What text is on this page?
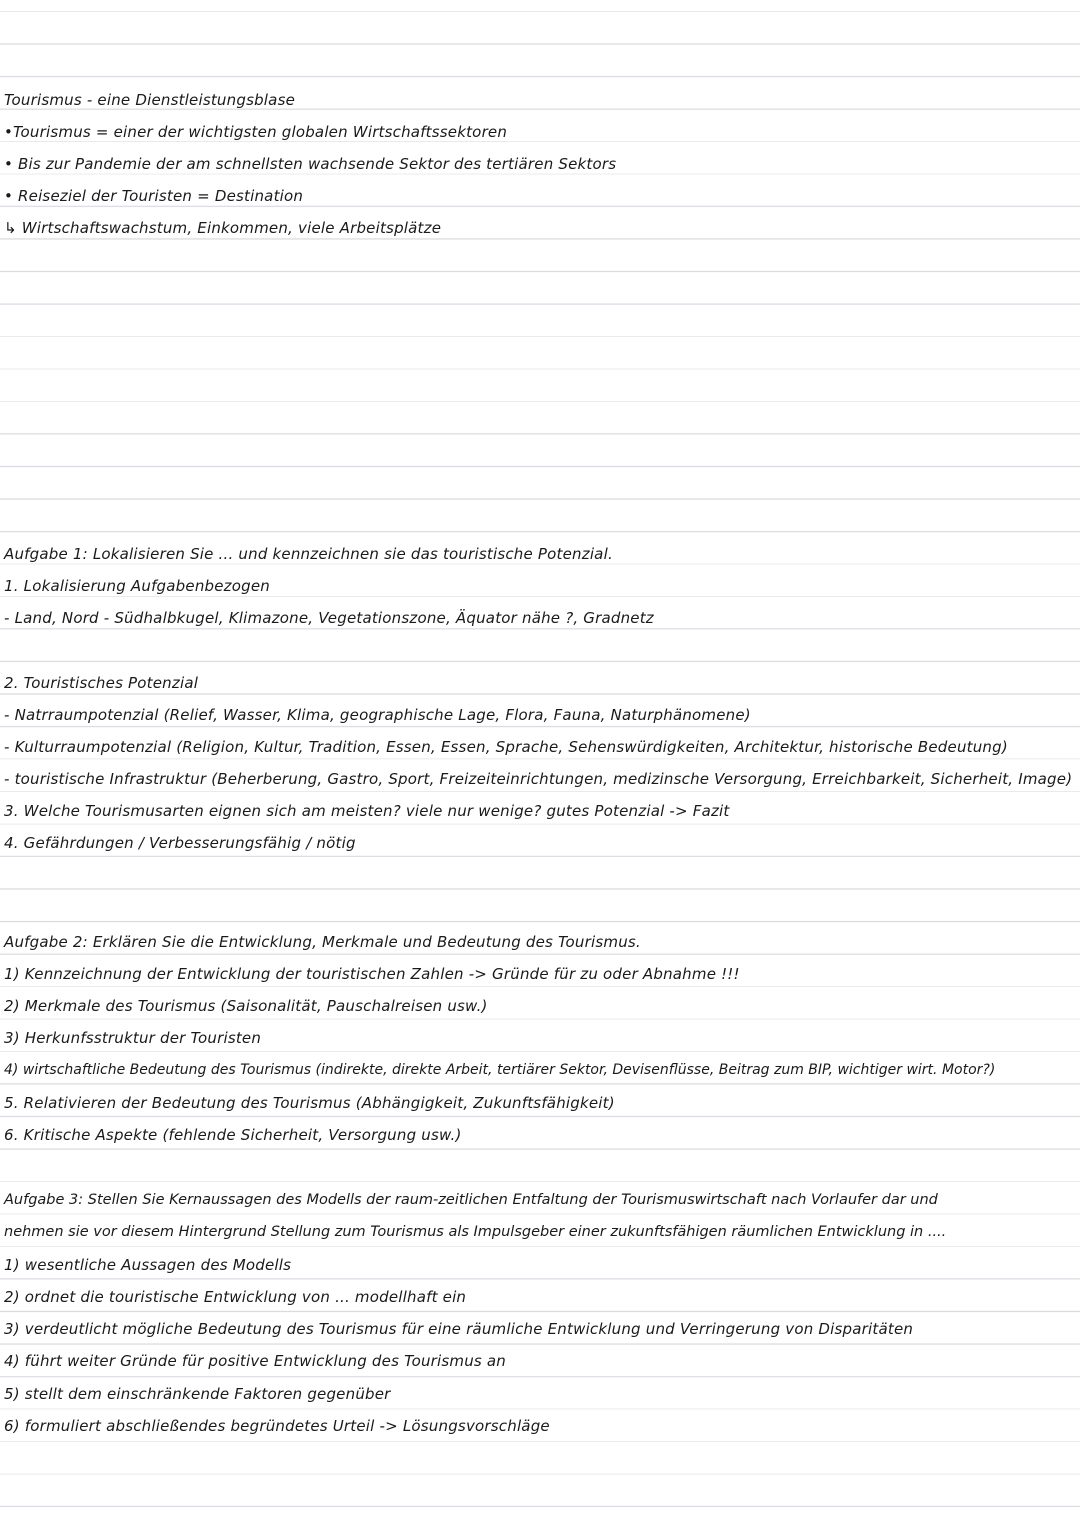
Tourismus - eine Dienstleistungsblase
•Tourismus = einer der wichtigsten globalen Wirtschaftssektoren
• Bis zur Pandemie der am schnellsten wachsende Sektor des tertiären Sektors
• Reiseziel der Touristen = Destination
↳ Wirtschaftswachstum, Einkommen, viele Arbeitsplätze
Aufgabe 1: Lokalisieren Sie ... und kennzeichnen sie das touristische Potenzial.
1. Lokalisierung Aufgabenbezogen
- Land, Nord - Südhalbkugel, Klimazone, Vegetationszone, Äquator nähe ?, Gradnetz
2. Touristisches Potenzial
- Natrraumpotenzial (Relief, Wasser, Klima, geographische Lage, Flora, Fauna, Naturphänomene)
- Kulturraumpotenzial (Religion, Kultur, Tradition, Essen, Essen, Sprache, Sehenswürdigkeiten, Architektur, historische Bedeutung)
- touristische Infrastruktur (Beherberung, Gastro, Sport, Freizeiteinrichtungen, medizinsche Versorgung, Erreichbarkeit, Sicherheit, Image)
3. Welche Tourismusarten eignen sich am meisten? viele nur wenige? gutes Potenzial -> Fazit
4. Gefährdungen / Verbesserungsfähig / nötig
Aufgabe 2: Erklären Sie die Entwicklung, Merkmale und Bedeutung des Tourismus.
1) Kennzeichnung der Entwicklung der touristischen Zahlen -> Gründe für zu oder Abnahme !!!
2) Merkmale des Tourismus (Saisonalität, Pauschalreisen usw.)
3) Herkunfsstruktur der Touristen
4) wirtschaftliche Bedeutung des Tourismus (indirekte, direkte Arbeit, tertiärer Sektor, Devisenflüsse, Beitrag zum BIP, wichtiger wirt. Motor?)
5. Relativieren der Bedeutung des Tourismus (Abhängigkeit, Zukunftsfähigkeit)
6. Kritische Aspekte (fehlende Sicherheit, Versorgung usw.)
Aufgabe 3: Stellen Sie Kernaussagen des Modells der raum-zeitlichen Entfaltung der Tourismuswirtschaft nach Vorlaufer dar und
nehmen sie vor diesem Hintergrund Stellung zum Tourismus als Impulsgeber einer zukunftsfähigen räumlichen Entwicklung in ....
1) wesentliche Aussagen des Modells
2) ordnet die touristische Entwicklung von ... modellhaft ein
3) verdeutlicht mögliche Bedeutung des Tourismus für eine räumliche Entwicklung und Verringerung von Disparitäten
4) führt weiter Gründe für positive Entwicklung des Tourismus an
5) stellt dem einschränkende Faktoren gegenüber
6) formuliert abschließendes begründetes Urteil -> Lösungsvorschläge
